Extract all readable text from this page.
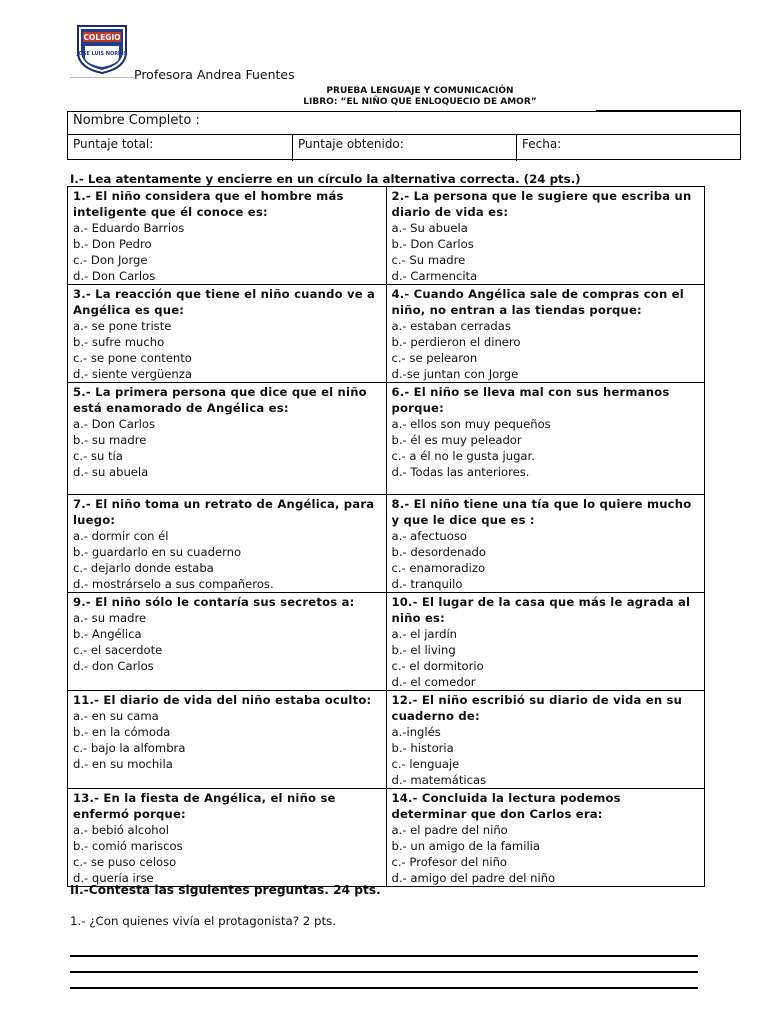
COLEGIO
JOSE LUIS NORRIS
Profesora Andrea Fuentes
PRUEBA LENGUAJE Y COMUNICACIÓN
LIBRO: “EL NIÑO QUE ENLOQUECIO DE AMOR”
Nombre Completo :
Puntaje total:	Puntaje obtenido:	Fecha:
I.- Lea atentamente y encierre en un círculo la alternativa correcta. (24 pts.)
1.- El niño considera que el hombre más inteligente que él conoce es:
a.- Eduardo Barrios
b.- Don Pedro
c.- Don Jorge
d.- Don Carlos	2.- La persona que le sugiere que escriba un diario de vida es:
a.- Su abuela
b.- Don Carlos
c.- Su madre
d.- Carmencita

3.- La reacción que tiene el niño cuando ve a Angélica es que:
a.- se pone triste
b.- sufre mucho
c.- se pone contento
d.- siente vergüenza	4.- Cuando Angélica sale de compras con el niño, no entran a las tiendas porque:
a.- estaban cerradas
b.- perdieron el dinero
c.- se pelearon
d.-se juntan con Jorge

5.- La primera persona que dice que el niño está enamorado de Angélica es:
a.- Don Carlos
b.- su madre
c.- su tía
d.- su abuela	6.- El niño se lleva mal con sus hermanos porque:
a.- ellos son muy pequeños
b.- él es muy peleador
c.- a él no le gusta jugar.
d.- Todas las anteriores.

7.- El niño toma un retrato de Angélica, para luego:
a.- dormir con él
b.- guardarlo en su cuaderno
c.- dejarlo donde estaba
d.- mostrárselo a sus compañeros.	8.- El niño tiene una tía que lo quiere mucho y que le dice que es :
a.- afectuoso
b.- desordenado
c.- enamoradizo
d.- tranquilo

9.- El niño sólo le contaría sus secretos a:
a.- su madre
b.- Angélica
c.- el sacerdote
d.- don Carlos	10.- El lugar de la casa que más le agrada al niño es:
a.- el jardín
b.- el living
c.- el dormitorio
d.- el comedor

11.- El diario de vida del niño estaba oculto:
a.- en su cama
b.- en la cómoda
c.- bajo la alfombra
d.- en su mochila	12.- El niño escribió su diario de vida en su cuaderno de:
a.-inglés
b.- historia
c.- lenguaje
d.- matemáticas

13.- En la fiesta de Angélica, el niño se enfermó porque:
a.- bebió alcohol
b.- comió mariscos
c.- se puso celoso
d.- quería irse	14.- Concluida la lectura podemos determinar que don Carlos era:
a.- el padre del niño
b.- un amigo de la familia
c.- Profesor del niño
d.- amigo del padre del niño
II.-Contesta las siguientes preguntas. 24 pts.
1.- ¿Con quienes vivía el protagonista? 2 pts.
